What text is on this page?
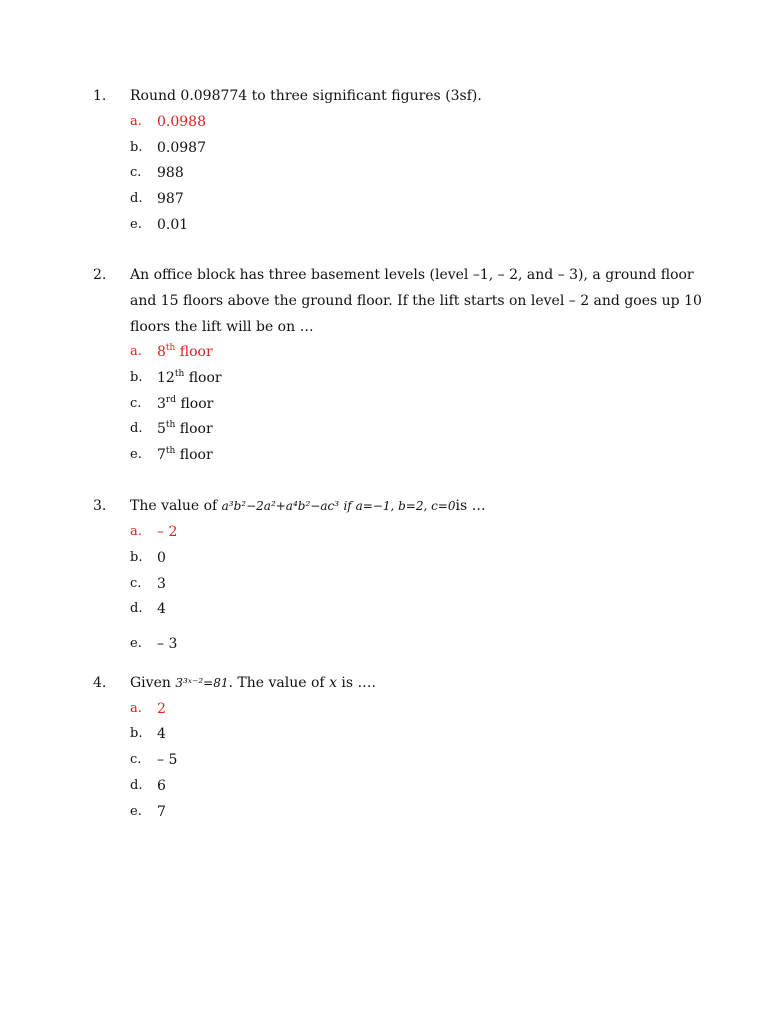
1. Round 0.098774 to three significant figures (3sf).
a. 0.0988
b. 0.0987
c. 988
d. 987
e. 0.01
2. An office block has three basement levels (level –1, – 2, and – 3), a ground floor
and 15 floors above the ground floor. If the lift starts on level – 2 and goes up 10
floors the lift will be on …
a. 8th floor
b. 12th floor
c. 3rd floor
d. 5th floor
e. 7th floor
3. The value of a³b²−2a²+a⁴b²−ac³ if a=−1, b=2, c=0is …
a. – 2
b. 0
c. 3
d. 4
e. – 3
4. Given 3³ˣ⁻²=81. The value of x is ….
a. 2
b. 4
c. – 5
d. 6
e. 7
